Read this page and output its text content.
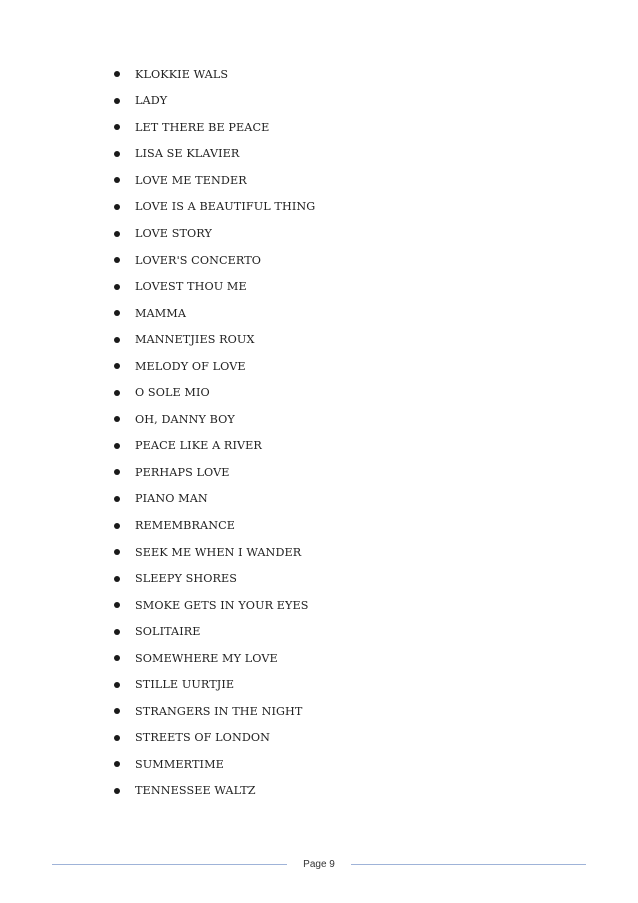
KLOKKIE WALS
LADY
LET THERE BE PEACE
LISA SE KLAVIER
LOVE ME TENDER
LOVE IS A BEAUTIFUL THING
LOVE STORY
LOVER'S CONCERTO
LOVEST THOU ME
MAMMA
MANNETJIES ROUX
MELODY OF LOVE
O SOLE MIO
OH, DANNY BOY
PEACE LIKE A RIVER
PERHAPS LOVE
PIANO MAN
REMEMBRANCE
SEEK ME WHEN I WANDER
SLEEPY SHORES
SMOKE GETS IN YOUR EYES
SOLITAIRE
SOMEWHERE MY LOVE
STILLE UURTJIE
STRANGERS IN THE NIGHT
STREETS OF LONDON
SUMMERTIME
TENNESSEE WALTZ
Page 9
